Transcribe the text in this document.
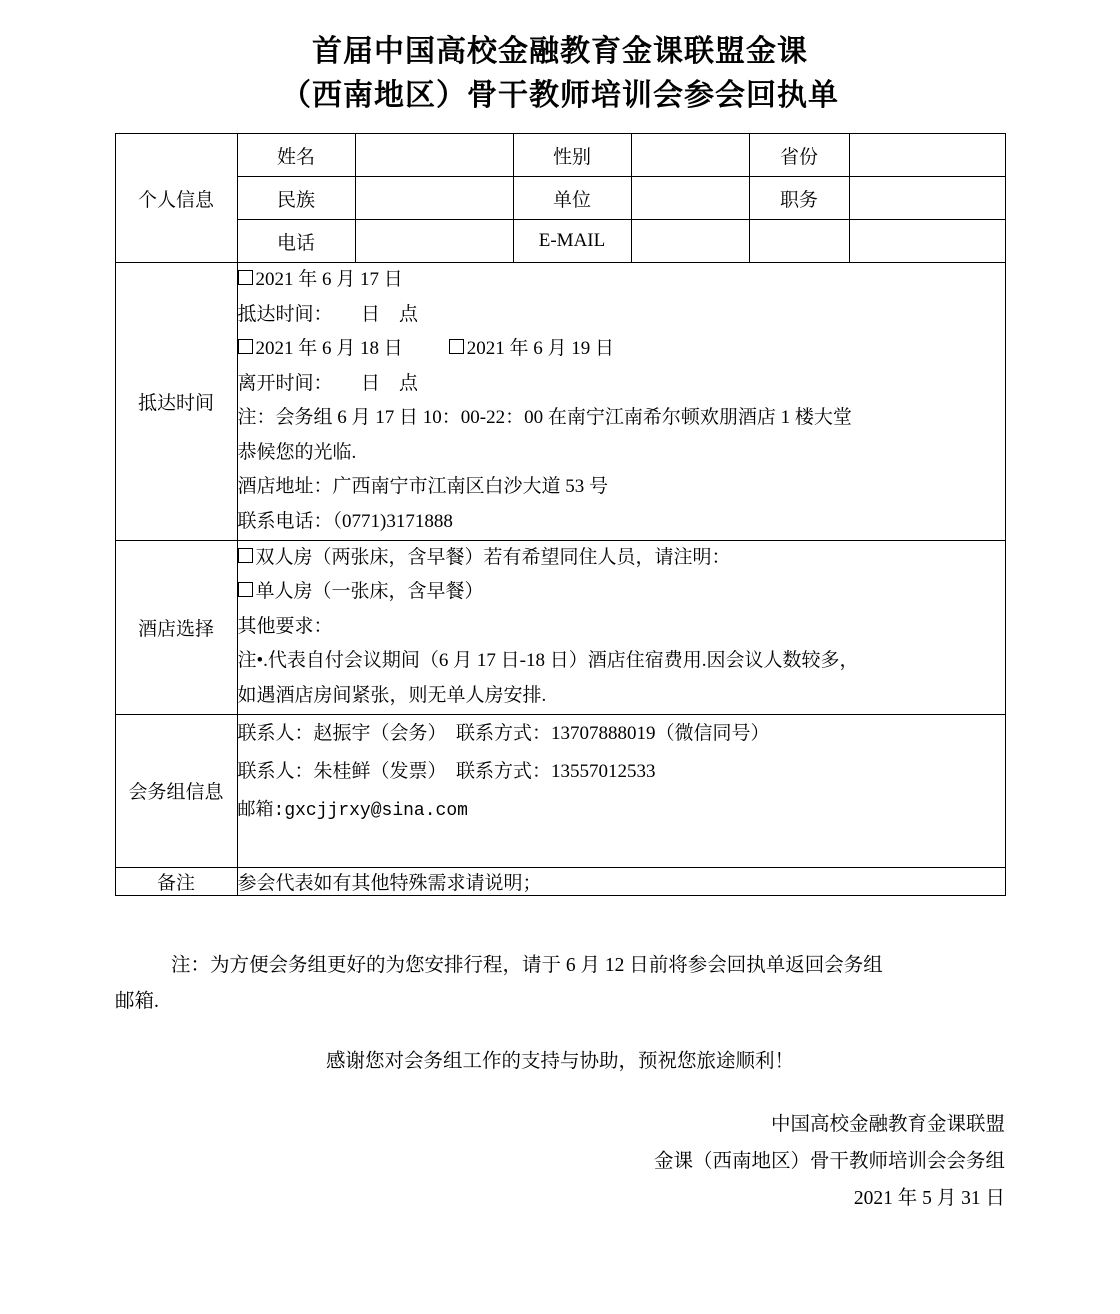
首届中国高校金融教育金课联盟金课
（西南地区）骨干教师培训会参会回执单
个人信息	姓名		性别		省份	
	民族		单位		职务	
	电话		E-MAIL			
抵达时间	
2021 年 6 月 17 日
抵达时间：      日    点
2021 年 6 月 18 日	2021 年 6 月 19 日
离开时间：      日    点
注：会务组 6 月 17 日 10：00-22：00 在南宁江南希尔顿欢朋酒店 1 楼大堂
恭候您的光临.
酒店地址：广西南宁市江南区白沙大道 53 号
联系电话：（0771)3171888

酒店选择	双人房（两张床，含早餐）若有希望同住人员，请注明：
单人房（一张床，含早餐）
其他要求：
注•.代表自付会议期间（6 月 17 日-18 日）酒店住宿费用.因会议人数较多，
如遇酒店房间紧张，则无单人房安排.					

会务组信息	联系人：赵振宇（会务）  联系方式：13707888019（微信同号）
联系人：朱桂鲜（发票）  联系方式：13557012533
邮箱:gxcjjrxy@sina.com					

备注	参会代表如有其他特殊需求请说明；					
注：为方便会务组更好的为您安排行程，请于 6 月 12 日前将参会回执单返回会务组
邮箱.
感谢您对会务组工作的支持与协助，预祝您旅途顺利！
中国高校金融教育金课联盟
金课（西南地区）骨干教师培训会会务组
2021 年 5 月 31 日
